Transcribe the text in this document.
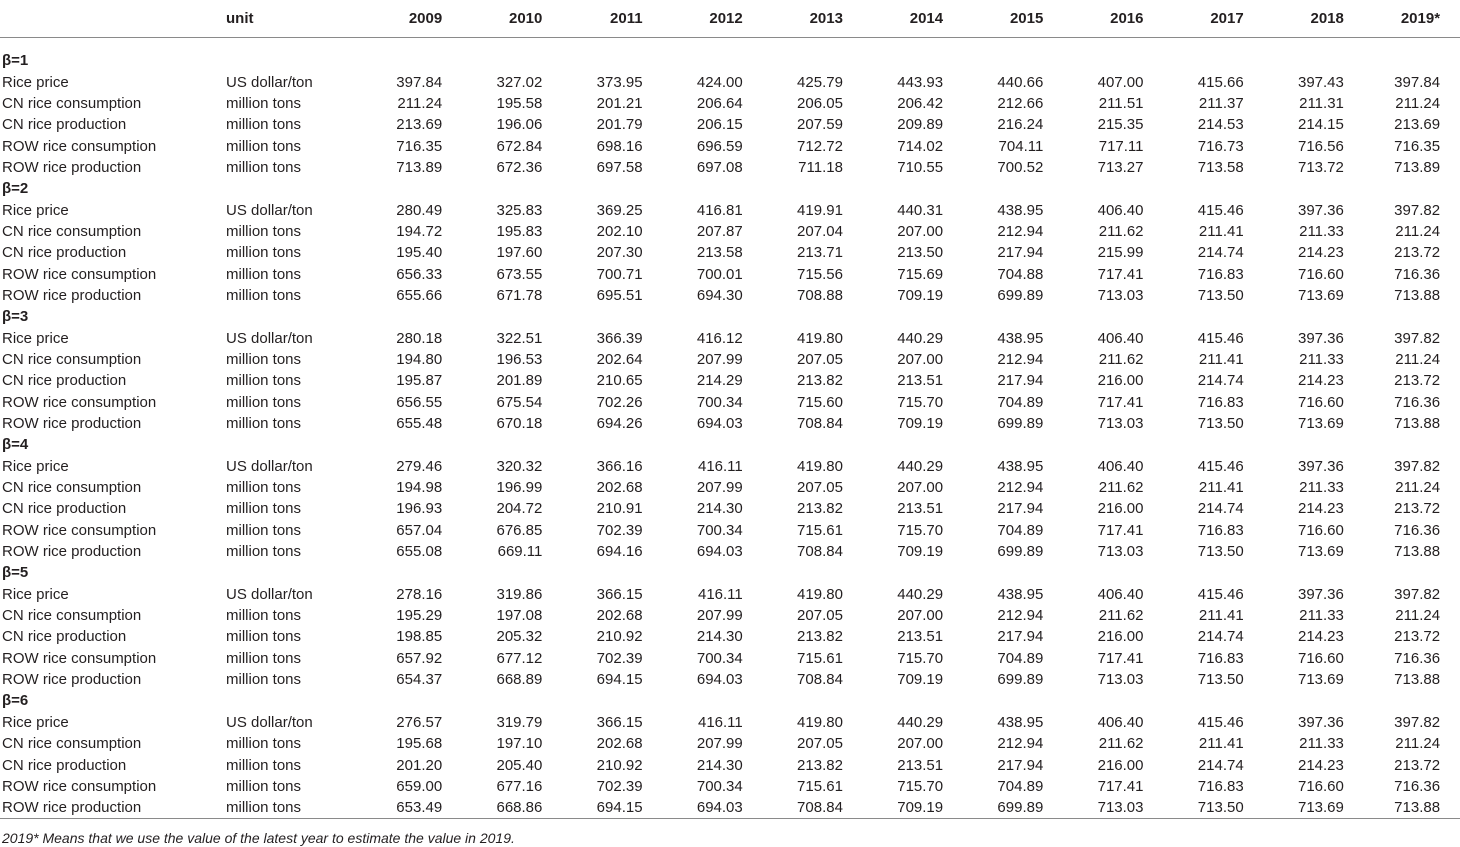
	unit	2009	2010	2011	2012	2013	2014	2015	2016	2017	2018	2019*

β=1												
Rice price	US dollar/ton	397.84	327.02	373.95	424.00	425.79	443.93	440.66	407.00	415.66	397.43	397.84
CN rice consumption	million tons	211.24	195.58	201.21	206.64	206.05	206.42	212.66	211.51	211.37	211.31	211.24
CN rice production	million tons	213.69	196.06	201.79	206.15	207.59	209.89	216.24	215.35	214.53	214.15	213.69
ROW rice consumption	million tons	716.35	672.84	698.16	696.59	712.72	714.02	704.11	717.11	716.73	716.56	716.35
ROW rice production	million tons	713.89	672.36	697.58	697.08	711.18	710.55	700.52	713.27	713.58	713.72	713.89
β=2												
Rice price	US dollar/ton	280.49	325.83	369.25	416.81	419.91	440.31	438.95	406.40	415.46	397.36	397.82
CN rice consumption	million tons	194.72	195.83	202.10	207.87	207.04	207.00	212.94	211.62	211.41	211.33	211.24
CN rice production	million tons	195.40	197.60	207.30	213.58	213.71	213.50	217.94	215.99	214.74	214.23	213.72
ROW rice consumption	million tons	656.33	673.55	700.71	700.01	715.56	715.69	704.88	717.41	716.83	716.60	716.36
ROW rice production	million tons	655.66	671.78	695.51	694.30	708.88	709.19	699.89	713.03	713.50	713.69	713.88
β=3												
Rice price	US dollar/ton	280.18	322.51	366.39	416.12	419.80	440.29	438.95	406.40	415.46	397.36	397.82
CN rice consumption	million tons	194.80	196.53	202.64	207.99	207.05	207.00	212.94	211.62	211.41	211.33	211.24
CN rice production	million tons	195.87	201.89	210.65	214.29	213.82	213.51	217.94	216.00	214.74	214.23	213.72
ROW rice consumption	million tons	656.55	675.54	702.26	700.34	715.60	715.70	704.89	717.41	716.83	716.60	716.36
ROW rice production	million tons	655.48	670.18	694.26	694.03	708.84	709.19	699.89	713.03	713.50	713.69	713.88
β=4												
Rice price	US dollar/ton	279.46	320.32	366.16	416.11	419.80	440.29	438.95	406.40	415.46	397.36	397.82
CN rice consumption	million tons	194.98	196.99	202.68	207.99	207.05	207.00	212.94	211.62	211.41	211.33	211.24
CN rice production	million tons	196.93	204.72	210.91	214.30	213.82	213.51	217.94	216.00	214.74	214.23	213.72
ROW rice consumption	million tons	657.04	676.85	702.39	700.34	715.61	715.70	704.89	717.41	716.83	716.60	716.36
ROW rice production	million tons	655.08	669.11	694.16	694.03	708.84	709.19	699.89	713.03	713.50	713.69	713.88
β=5												
Rice price	US dollar/ton	278.16	319.86	366.15	416.11	419.80	440.29	438.95	406.40	415.46	397.36	397.82
CN rice consumption	million tons	195.29	197.08	202.68	207.99	207.05	207.00	212.94	211.62	211.41	211.33	211.24
CN rice production	million tons	198.85	205.32	210.92	214.30	213.82	213.51	217.94	216.00	214.74	214.23	213.72
ROW rice consumption	million tons	657.92	677.12	702.39	700.34	715.61	715.70	704.89	717.41	716.83	716.60	716.36
ROW rice production	million tons	654.37	668.89	694.15	694.03	708.84	709.19	699.89	713.03	713.50	713.69	713.88
β=6												
Rice price	US dollar/ton	276.57	319.79	366.15	416.11	419.80	440.29	438.95	406.40	415.46	397.36	397.82
CN rice consumption	million tons	195.68	197.10	202.68	207.99	207.05	207.00	212.94	211.62	211.41	211.33	211.24
CN rice production	million tons	201.20	205.40	210.92	214.30	213.82	213.51	217.94	216.00	214.74	214.23	213.72
ROW rice consumption	million tons	659.00	677.16	702.39	700.34	715.61	715.70	704.89	717.41	716.83	716.60	716.36
ROW rice production	million tons	653.49	668.86	694.15	694.03	708.84	709.19	699.89	713.03	713.50	713.69	713.88
2019* Means that we use the value of the latest year to estimate the value in 2019.
